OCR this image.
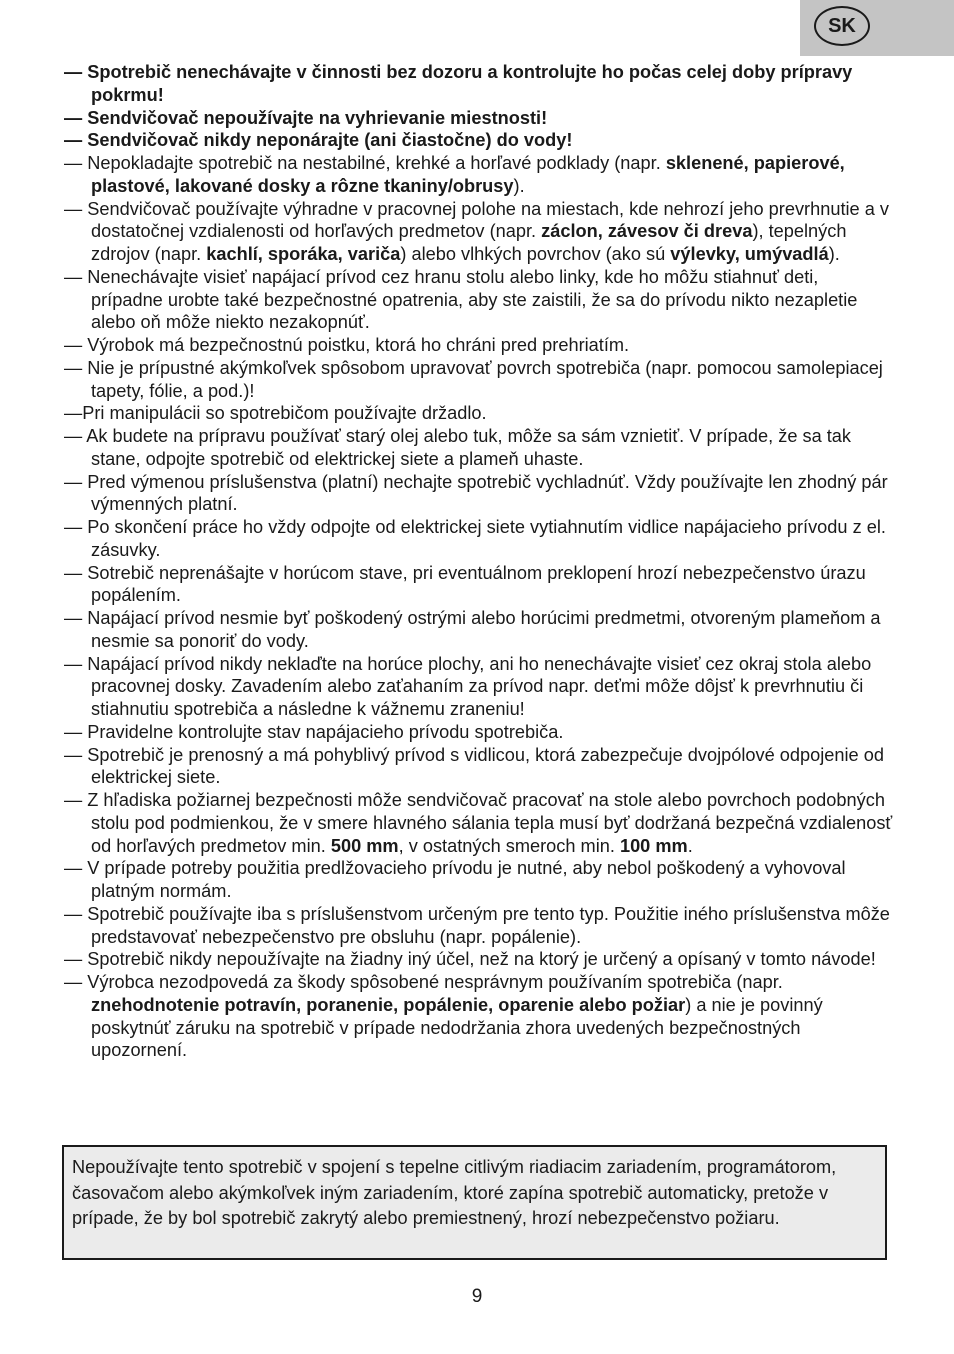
SK
— Spotrebič nenechávajte v činnosti bez dozoru a kontrolujte ho počas celej doby prípravy pokrmu!
— Sendvičovač nepoužívajte na vyhrievanie miestnosti!
— Sendvičovač nikdy neponárajte (ani čiastočne) do vody!
— Nepokladajte spotrebič na nestabilné, krehké a horľavé podklady (napr. sklenené, papierové, plastové, lakované dosky a rôzne tkaniny/obrusy).
— Sendvičovač používajte výhradne v pracovnej polohe na miestach, kde nehrozí jeho prevrhnutie a v dostatočnej vzdialenosti od horľavých predmetov (napr. záclon, závesov či dreva), tepelných zdrojov (napr. kachlí, sporáka, variča) alebo vlhkých povrchov (ako sú výlevky, umývadlá).
— Nenechávajte visieť napájací prívod cez hranu stolu alebo linky, kde ho môžu stiahnuť deti, prípadne urobte také bezpečnostné opatrenia, aby ste zaistili, že sa do prívodu nikto nezapletie alebo oň môže niekto nezakopnúť.
— Výrobok má bezpečnostnú poistku, ktorá ho chráni pred prehriatím.
— Nie je prípustné akýmkoľvek spôsobom upravovať povrch spotrebiča (napr. pomocou samolepiacej tapety, fólie, a pod.)!
—Pri manipulácii so spotrebičom používajte držadlo.
— Ak budete na prípravu používať starý olej alebo tuk, môže sa sám vznietiť. V prípade, že sa tak stane, odpojte spotrebič od elektrickej siete a plameň uhaste.
— Pred výmenou príslušenstva (platní) nechajte spotrebič vychladnúť. Vždy používajte len zhodný pár výmenných platní.
— Po skončení práce ho vždy odpojte od elektrickej siete vytiahnutím vidlice napájacieho prívodu z el. zásuvky.
— Sotrebič neprenášajte v horúcom stave, pri eventuálnom preklopení hrozí nebezpečenstvo úrazu popálením.
— Napájací prívod nesmie byť poškodený ostrými alebo horúcimi predmetmi, otvoreným plameňom a nesmie sa ponoriť do vody.
— Napájací prívod nikdy neklaďte na horúce plochy, ani ho nenechávajte visieť cez okraj stola alebo pracovnej dosky. Zavadením alebo zaťahaním za prívod napr. deťmi môže dôjsť k prevrhnutiu či stiahnutiu spotrebiča a následne k vážnemu zraneniu!
— Pravidelne kontrolujte stav napájacieho prívodu spotrebiča.
— Spotrebič je prenosný a má pohyblivý prívod s vidlicou, ktorá zabezpečuje dvojpólové odpojenie od elektrickej siete.
— Z hľadiska požiarnej bezpečnosti môže sendvičovač pracovať na stole alebo povrchoch podobných stolu pod podmienkou, že v smere hlavného sálania tepla musí byť dodržaná bezpečná vzdialenosť od horľavých predmetov min. 500 mm, v ostatných smeroch min. 100 mm.
— V prípade potreby použitia predlžovacieho prívodu je nutné, aby nebol poškodený a vyhovoval platným normám.
— Spotrebič používajte iba s príslušenstvom určeným pre tento typ. Použitie iného príslušenstva môže predstavovať nebezpečenstvo pre obsluhu (napr. popálenie).
— Spotrebič nikdy nepoužívajte na žiadny iný účel, než na ktorý je určený a opísaný v tomto návode!
— Výrobca nezodpovedá za škody spôsobené nesprávnym používaním spotrebiča (napr. znehodnotenie potravín, poranenie, popálenie, oparenie alebo požiar) a nie je povinný poskytnúť záruku na spotrebič v prípade nedodržania zhora uvedených bezpečnostných upozornení.
Nepoužívajte tento spotrebič v spojení s tepelne citlivým riadiacim zariadením, programátorom, časovačom alebo akýmkoľvek iným zariadením, ktoré zapína spotrebič automaticky, pretože v prípade, že by bol spotrebič zakrytý alebo premiestnený, hrozí nebezpečenstvo požiaru.
9
